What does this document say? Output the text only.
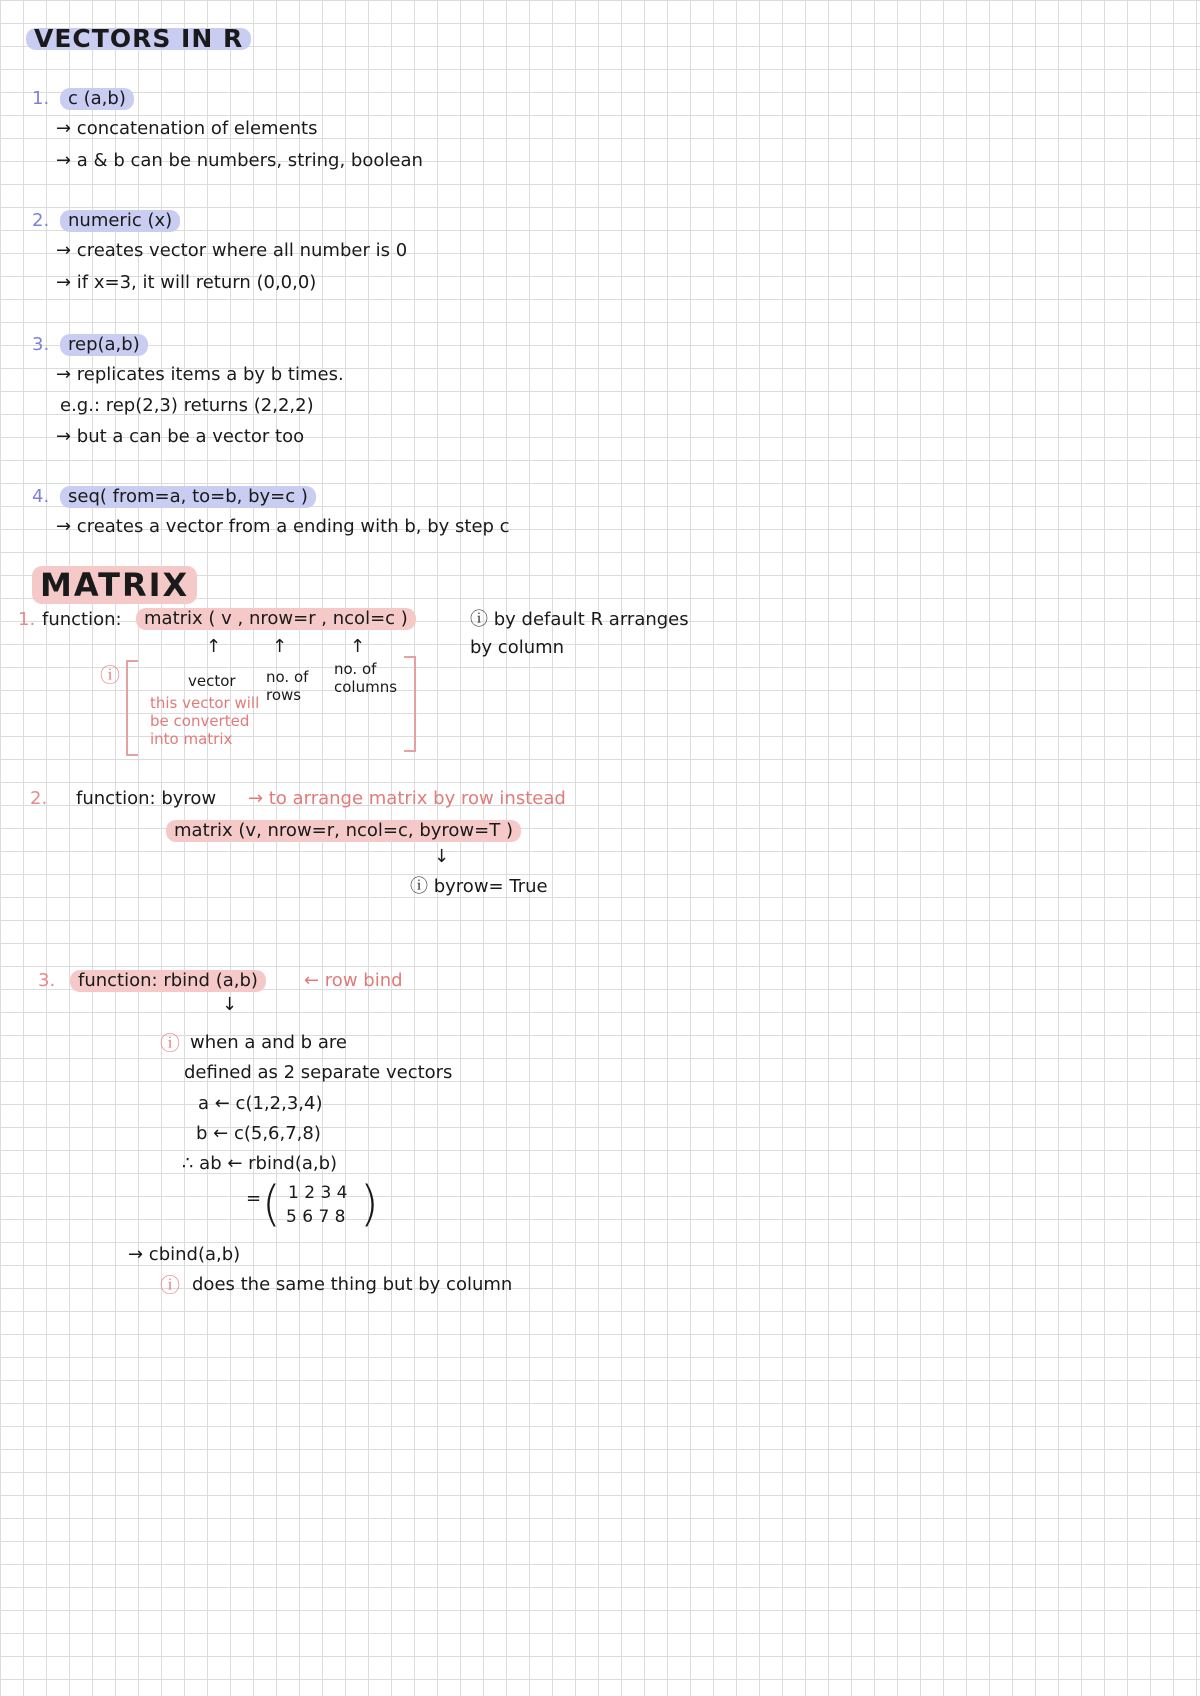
VECTORS IN R
1.	c (a,b)
→ concatenation of elements
→ a & b can be numbers, string, boolean
2.	numeric (x)
→ creates vector where all number is 0
→ if x=3, it will return (0,0,0)
3.	rep(a,b)
→ replicates items a by b times.
e.g.: rep(2,3) returns (2,2,2)
→ but a can be a vector too
4.	seq( from=a, to=b, by=c )
→ creates a vector from a ending with b, by step c
MATRIX
1. function:	matrix ( v , nrow=r , ncol=c )	ⓘ by default R arranges by column
↑	↑	↑
ⓘ	vector no. of rows
no. of columns
this vector will be converted into matrix
2. function: byrow → to arrange matrix by row instead
matrix (v, nrow=r, ncol=c, byrow=T )
↓
ⓘ byrow= True
3.	function: rbind (a,b)	← row bind
↓
ⓘ when a and b are
defined as 2 separate vectors
a ← c(1,2,3,4)
b ← c(5,6,7,8)
∴ ab ← rbind(a,b)
= ( 1 2 3 4
5 6 7 8 )
→ cbind(a,b)
ⓘ does the same thing but by column
